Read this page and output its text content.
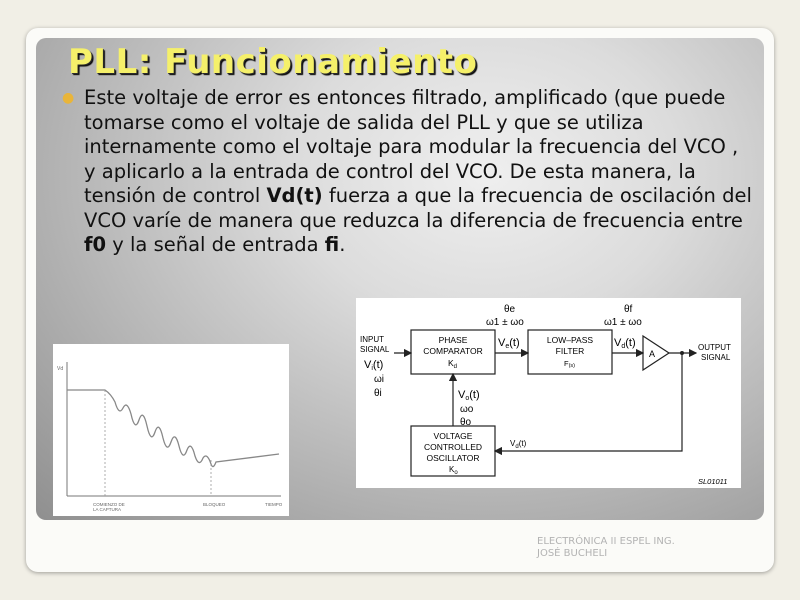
PLL: Funcionamiento
● Este voltaje de error es entonces filtrado, amplificado (que puede tomarse como el voltaje de salida del PLL y que se utiliza internamente como el voltaje para modular la frecuencia del VCO , y aplicarlo a la entrada de control del VCO. De esta manera, la tensión de control Vd(t) fuerza a que la frecuencia de oscilación del VCO varíe de manera que reduzca la diferencia de frecuencia entre f0 y la señal de entrada fi.
Vd
COMIENZO DE LA CAPTURA
BLOQUEO	TIEMPO
PHASE
COMPARATOR
$K_d$
LOW–PASS
FILTER
F(s)
A
VOLTAGE
CONTROLLED
OSCILLATOR
$K_o$
INPUT
SIGNAL
Vi(t)
ωi
θi
Ve(t)
θe
ω1 ± ωo
Vd(t)
θf
ω1 ± ωo
OUTPUT
SIGNAL
Vo(t)
ωo
θo
$V_d(t)$
SL01011
ELECTRÓNICA II ESPEL ING.
JOSÉ BUCHELI
